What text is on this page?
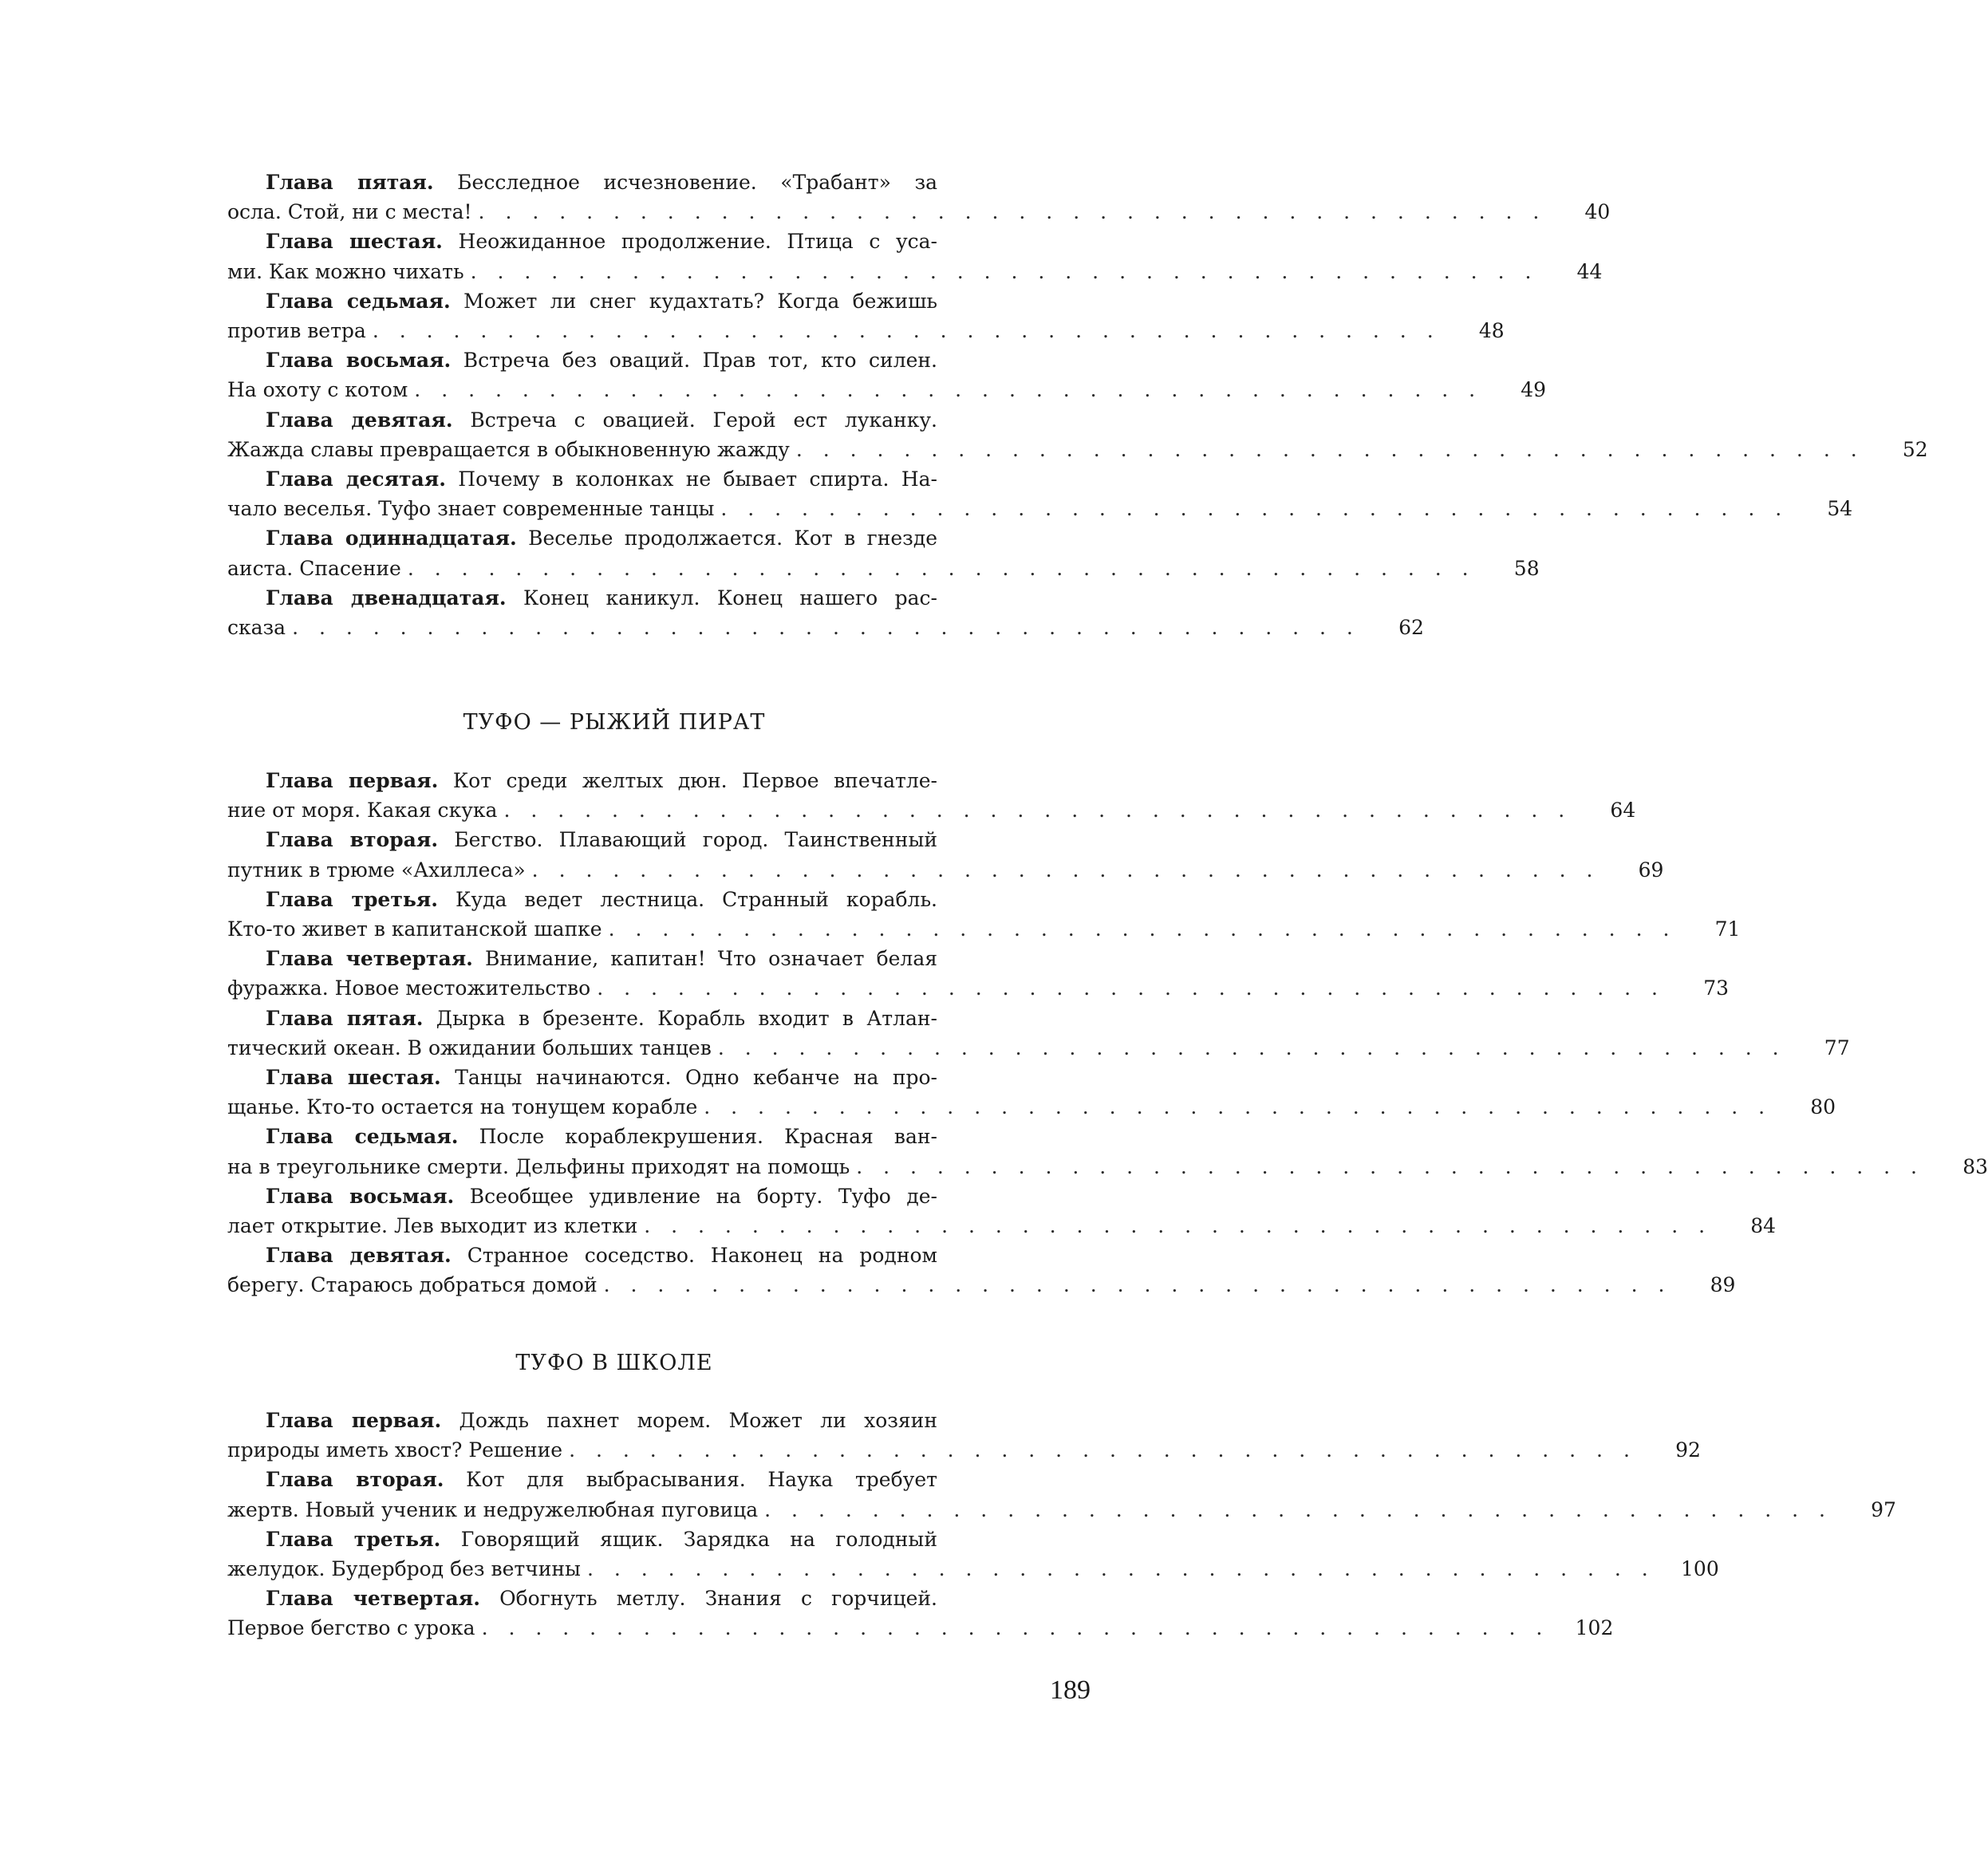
Глава пятая. Бесследное исчезновение. «Трабант» за
осла. Стой, ни с места! . . . . . . . . . . . . . . . . . . . . . . . . . . . . . . . . . . . . . . . .	40
Глава шестая. Неожиданное продолжение. Птица с уса-
ми. Как можно чихать . . . . . . . . . . . . . . . . . . . . . . . . . . . . . . . . . . . . . . . .	44
Глава седьмая. Может ли снег кудахтать? Когда бежишь
против ветра . . . . . . . . . . . . . . . . . . . . . . . . . . . . . . . . . . . . . . . .	48
Глава восьмая. Встреча без оваций. Прав тот, кто силен.
На охоту с котом . . . . . . . . . . . . . . . . . . . . . . . . . . . . . . . . . . . . . . . .	49
Глава девятая. Встреча с овацией. Герой ест луканку.
Жажда славы превращается в обыкновенную жажду . . . . . . . . . . . . . . . . . . . . . . . . . . . . . . . . . . . . . . . .	52
Глава десятая. Почему в колонках не бывает спирта. На-
чало веселья. Туфо знает современные танцы . . . . . . . . . . . . . . . . . . . . . . . . . . . . . . . . . . . . . . . .	54
Глава одиннадцатая. Веселье продолжается. Кот в гнезде
аиста. Спасение . . . . . . . . . . . . . . . . . . . . . . . . . . . . . . . . . . . . . . . .	58
Глава двенадцатая. Конец каникул. Конец нашего рас-
сказа . . . . . . . . . . . . . . . . . . . . . . . . . . . . . . . . . . . . . . . .	62
ТУФО — РЫЖИЙ ПИРАТ
Глава первая. Кот среди желтых дюн. Первое впечатле-
ние от моря. Какая скука . . . . . . . . . . . . . . . . . . . . . . . . . . . . . . . . . . . . . . . .	64
Глава вторая. Бегство. Плавающий город. Таинственный
путник в трюме «Ахиллеса» . . . . . . . . . . . . . . . . . . . . . . . . . . . . . . . . . . . . . . . .	69
Глава третья. Куда ведет лестница. Странный корабль.
Кто-то живет в капитанской шапке . . . . . . . . . . . . . . . . . . . . . . . . . . . . . . . . . . . . . . . .	71
Глава четвертая. Внимание, капитан! Что означает белая
фуражка. Новое местожительство . . . . . . . . . . . . . . . . . . . . . . . . . . . . . . . . . . . . . . . .	73
Глава пятая. Дырка в брезенте. Корабль входит в Атлан-
тический океан. В ожидании больших танцев . . . . . . . . . . . . . . . . . . . . . . . . . . . . . . . . . . . . . . . .	77
Глава шестая. Танцы начинаются. Одно кебанче на про-
щанье. Кто-то остается на тонущем корабле . . . . . . . . . . . . . . . . . . . . . . . . . . . . . . . . . . . . . . . .	80
Глава седьмая. После кораблекрушения. Красная ван-
на в треугольнике смерти. Дельфины приходят на помощь . . . . . . . . . . . . . . . . . . . . . . . . . . . . . . . . . . . . . . . .	83
Глава восьмая. Всеобщее удивление на борту. Туфо де-
лает открытие. Лев выходит из клетки . . . . . . . . . . . . . . . . . . . . . . . . . . . . . . . . . . . . . . . .	84
Глава девятая. Странное соседство. Наконец на родном
берегу. Стараюсь добраться домой . . . . . . . . . . . . . . . . . . . . . . . . . . . . . . . . . . . . . . . .	89
ТУФО В ШКОЛЕ
Глава первая. Дождь пахнет морем. Может ли хозяин
природы иметь хвост? Решение . . . . . . . . . . . . . . . . . . . . . . . . . . . . . . . . . . . . . . . .	92
Глава вторая. Кот для выбрасывания. Наука требует
жертв. Новый ученик и недружелюбная пуговица . . . . . . . . . . . . . . . . . . . . . . . . . . . . . . . . . . . . . . . .	97
Глава третья. Говорящий ящик. Зарядка на голодный
желудок. Будерброд без ветчины . . . . . . . . . . . . . . . . . . . . . . . . . . . . . . . . . . . . . . . . 100
Глава четвертая. Обогнуть метлу. Знания с горчицей.
Первое бегство с урока . . . . . . . . . . . . . . . . . . . . . . . . . . . . . . . . . . . . . . . . 102
189
